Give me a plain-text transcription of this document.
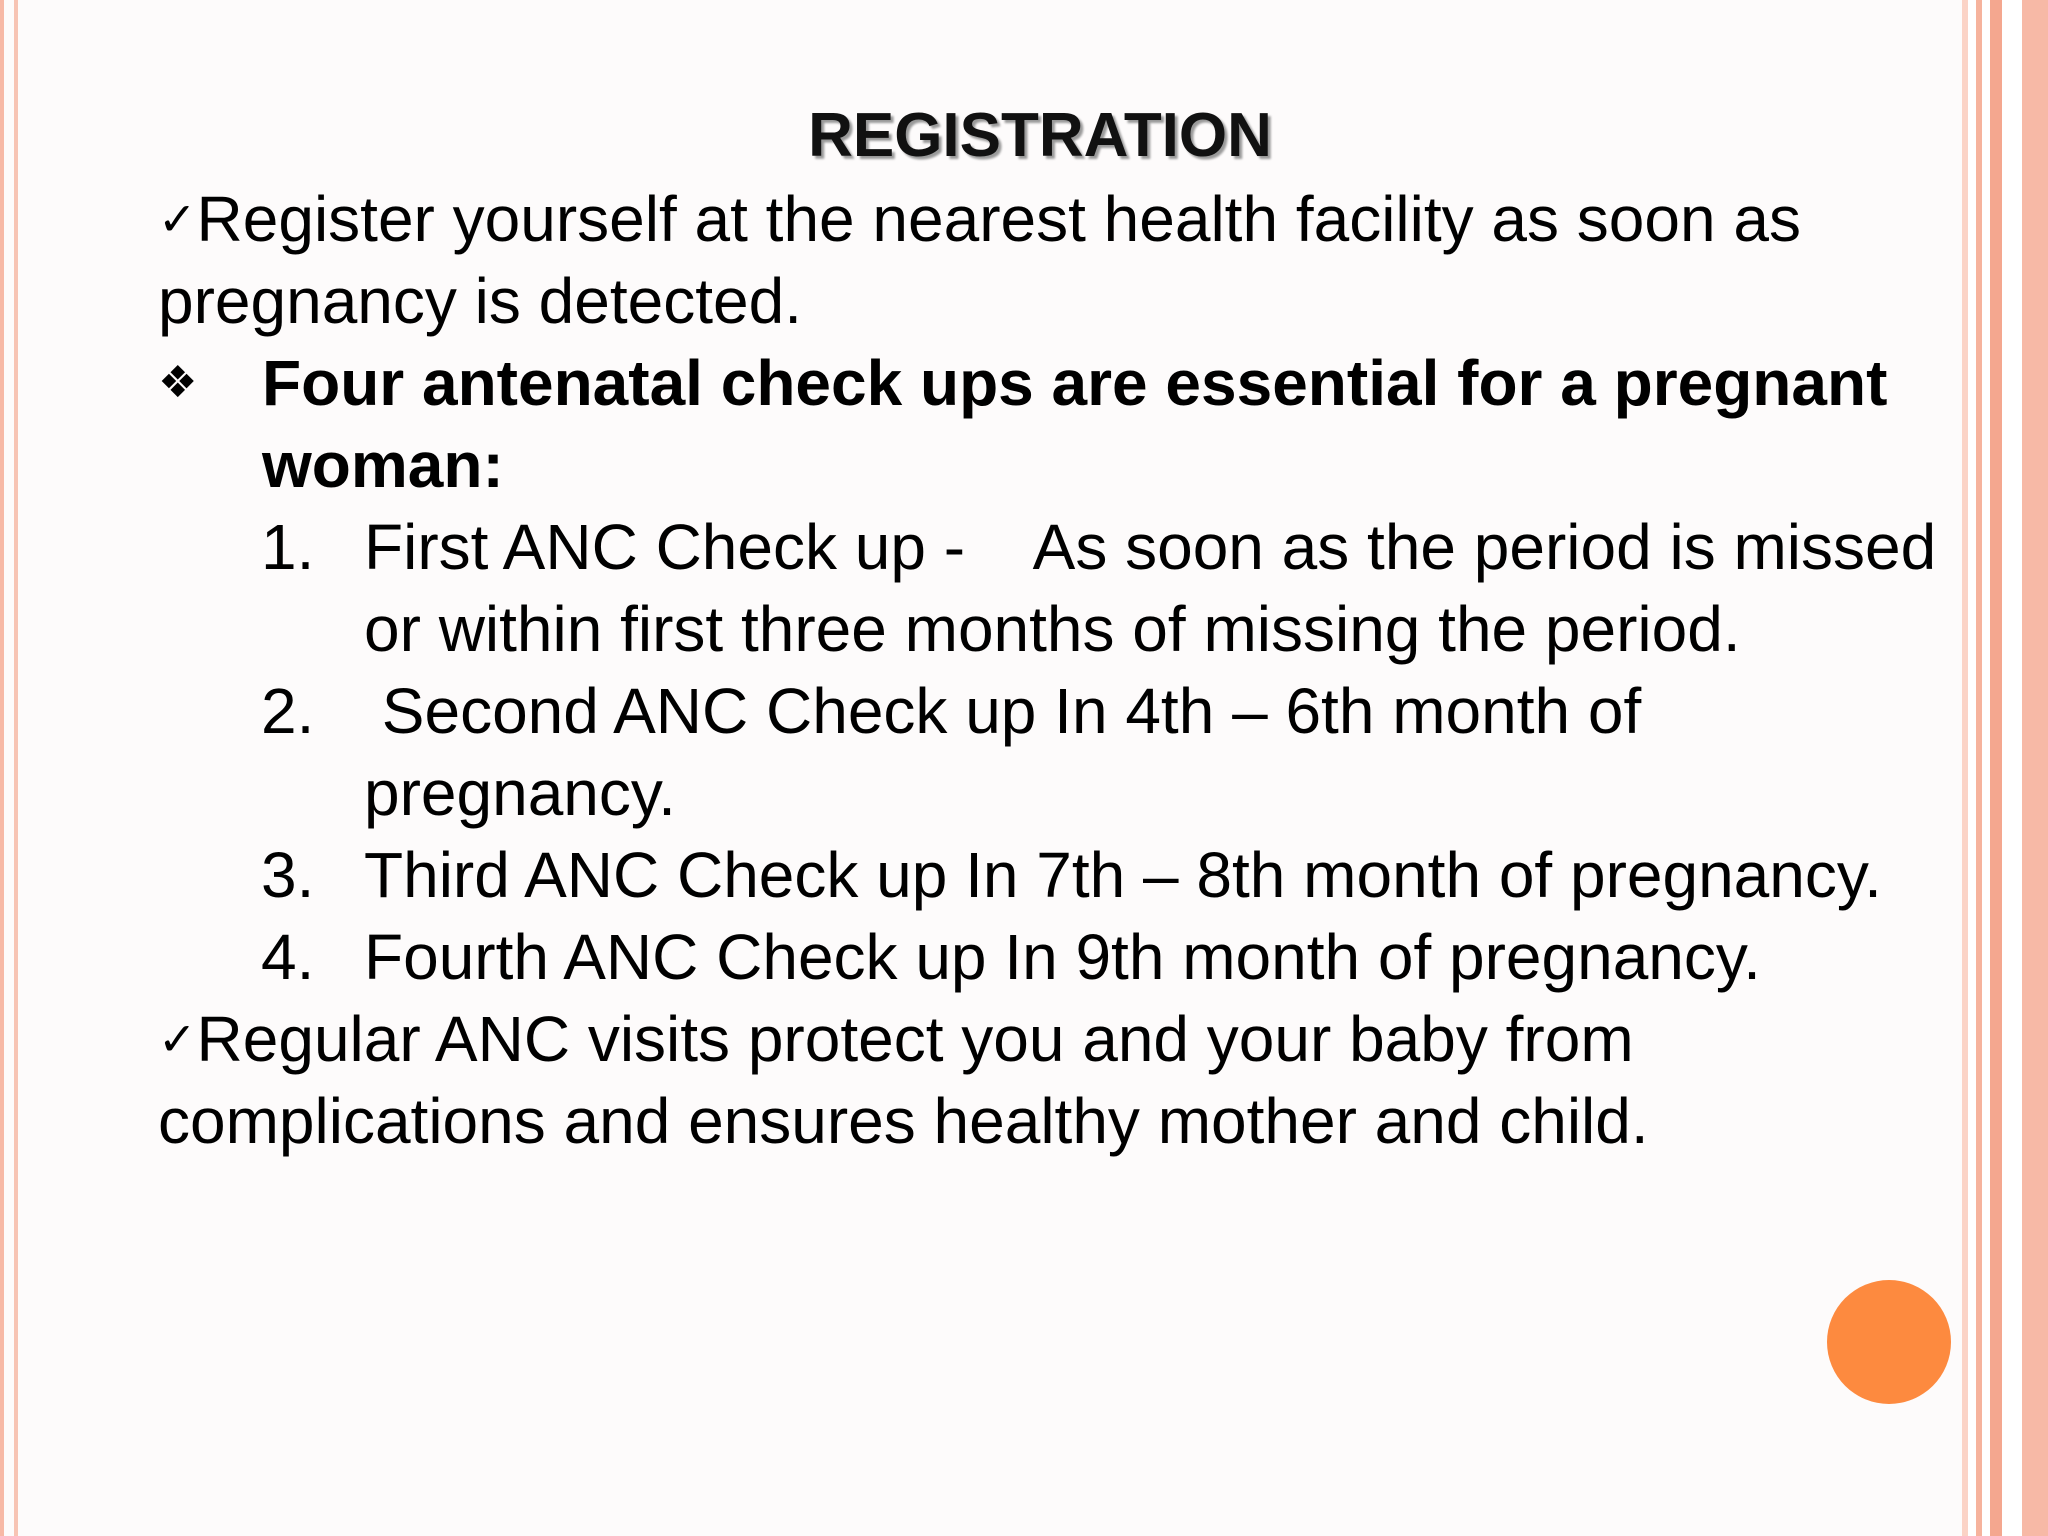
REGISTRATION

✓Register yourself at the nearest health facility as soon as pregnancy is detected.

❖ Four antenatal check ups are essential for a pregnant woman:

1. First ANC Check up -    As soon as the period is missed or within first three months of missing the period.
2. Second ANC Check up In 4th – 6th month of pregnancy.
3. Third ANC Check up In 7th – 8th month of pregnancy.
4. Fourth ANC Check up In 9th month of pregnancy.

✓Regular ANC visits protect you and your baby from complications and ensures healthy mother and child.
